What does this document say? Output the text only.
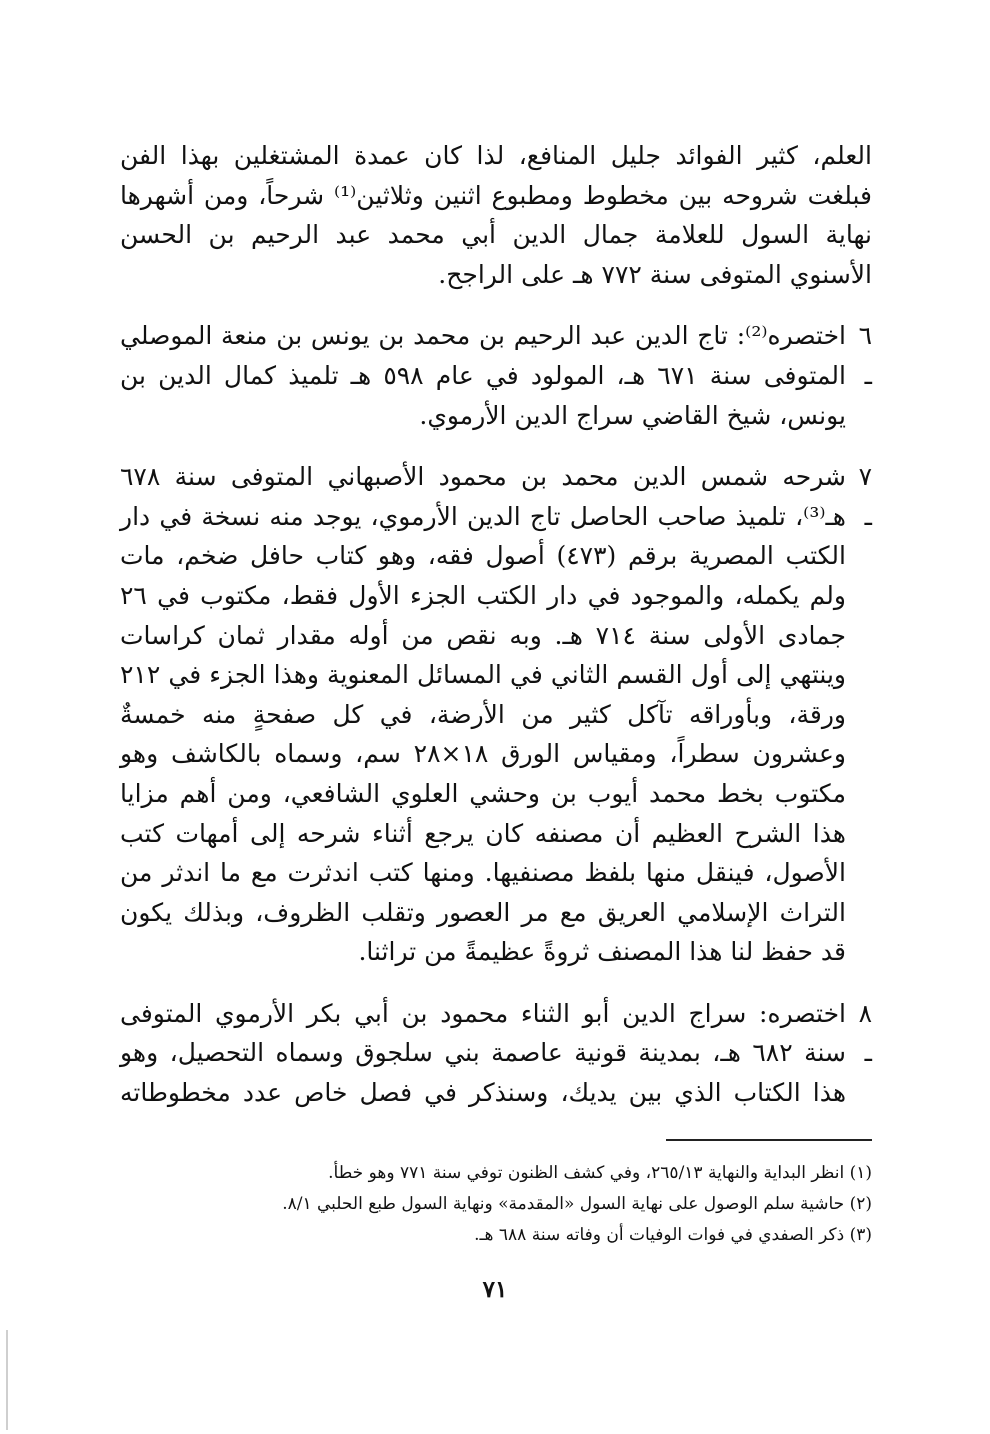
العلم، كثير الفوائد جليل المنافع، لذا كان عمدة المشتغلين بهذا الفن فبلغت شروحه بين مخطوط ومطبوع اثنين وثلاثين⁽¹⁾ شرحاً، ومن أشهرها نهاية السول للعلامة جمال الدين أبي محمد عبد الرحيم بن الحسن الأسنوي المتوفى سنة ٧٧٢ هـ على الراجح.

٦ ـ
اختصره⁽²⁾: تاج الدين عبد الرحيم بن محمد بن يونس بن منعة الموصلي المتوفى سنة ٦٧١ هـ، المولود في عام ٥٩٨ هـ تلميذ كمال الدين بن يونس، شيخ القاضي سراج الدين الأرموي.
٧ ـ
شرحه شمس الدين محمد بن محمود الأصبهاني المتوفى سنة ٦٧٨ هـ⁽³⁾، تلميذ صاحب الحاصل تاج الدين الأرموي، يوجد منه نسخة في دار الكتب المصرية برقم (٤٧٣) أصول فقه، وهو كتاب حافل ضخم، مات ولم يكمله، والموجود في دار الكتب الجزء الأول فقط، مكتوب في ٢٦ جمادى الأولى سنة ٧١٤ هـ. وبه نقص من أوله مقدار ثمان كراسات وينتهي إلى أول القسم الثاني في المسائل المعنوية وهذا الجزء في ٢١٢ ورقة، وبأوراقه تآكل كثير من الأرضة، في كل صفحةٍ منه خمسةٌ وعشرون سطراً، ومقياس الورق ١٨×٢٨ سم، وسماه بالكاشف وهو مكتوب بخط محمد أيوب بن وحشي العلوي الشافعي، ومن أهم مزايا هذا الشرح العظيم أن مصنفه كان يرجع أثناء شرحه إلى أمهات كتب الأصول، فينقل منها بلفظ مصنفيها. ومنها كتب اندثرت مع ما اندثر من التراث الإسلامي العريق مع مر العصور وتقلب الظروف، وبذلك يكون قد حفظ لنا هذا المصنف ثروةً عظيمةً من تراثنا.
٨ ـ
اختصره: سراج الدين أبو الثناء محمود بن أبي بكر الأرموي المتوفى سنة ٦٨٢ هـ، بمدينة قونية عاصمة بني سلجوق وسماه التحصيل، وهو هذا الكتاب الذي بين يديك، وسنذكر في فصل خاص عدد مخطوطاته

(١) انظر البداية والنهاية ٢٦٥/١٣، وفي كشف الظنون توفي سنة ٧٧١ وهو خطأ.

(٢) حاشية سلم الوصول على نهاية السول «المقدمة» ونهاية السول طبع الحلبي ٨/١.

(٣) ذكر الصفدي في فوات الوفيات أن وفاته سنة ٦٨٨ هـ.

٧١
